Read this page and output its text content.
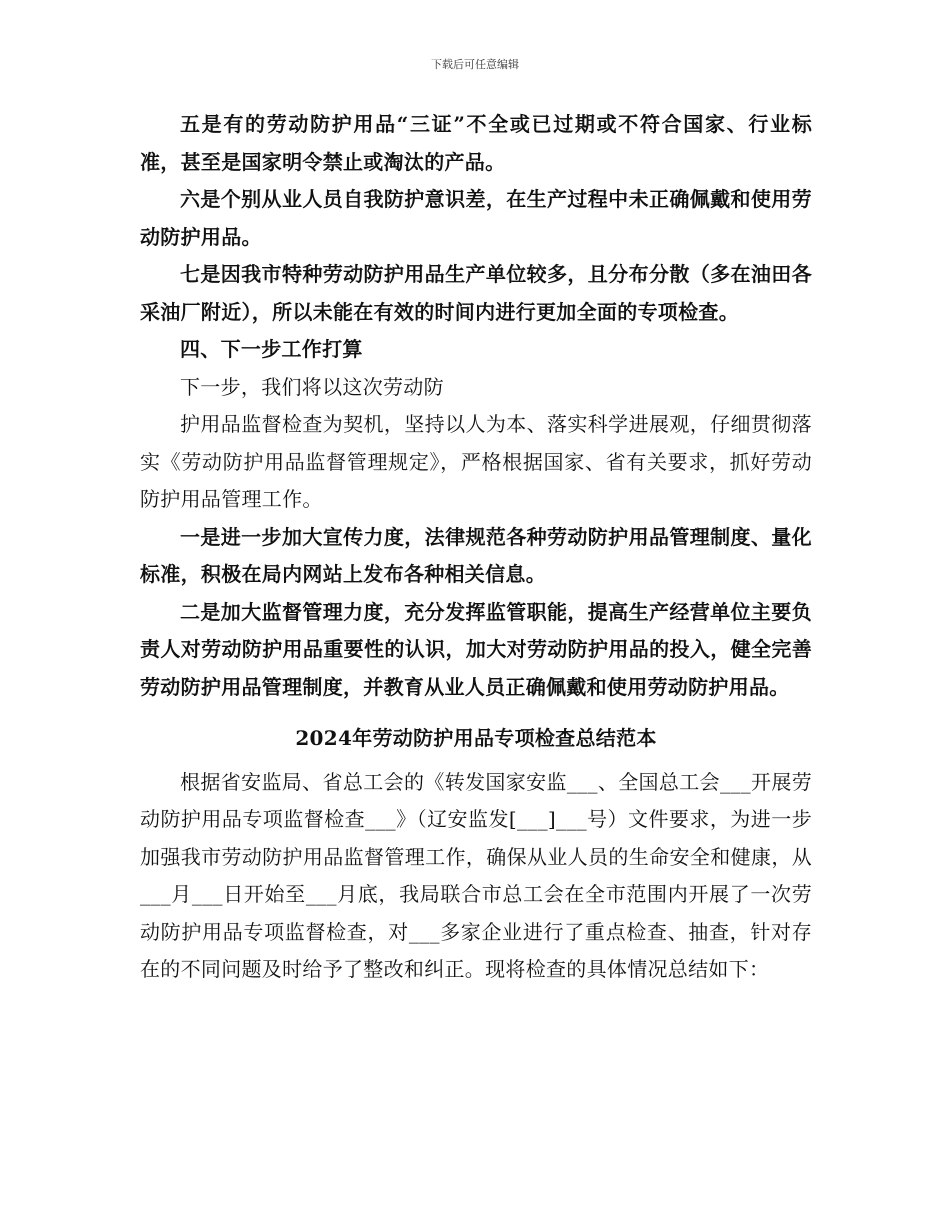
下载后可任意编辑

五是有的劳动防护用品“三证”不全或已过期或不符合国家、行业标准，甚至是国家明令禁止或淘汰的产品。

六是个别从业人员自我防护意识差，在生产过程中未正确佩戴和使用劳动防护用品。

七是因我市特种劳动防护用品生产单位较多，且分布分散（多在油田各采油厂附近），所以未能在有效的时间内进行更加全面的专项检查。

四、下一步工作打算

下一步，我们将以这次劳动防

护用品监督检查为契机，坚持以人为本、落实科学进展观，仔细贯彻落实《劳动防护用品监督管理规定》，严格根据国家、省有关要求，抓好劳动防护用品管理工作。

一是进一步加大宣传力度，法律规范各种劳动防护用品管理制度、量化标准，积极在局内网站上发布各种相关信息。

二是加大监督管理力度，充分发挥监管职能，提高生产经营单位主要负责人对劳动防护用品重要性的认识，加大对劳动防护用品的投入，健全完善劳动防护用品管理制度，并教育从业人员正确佩戴和使用劳动防护用品。

2024年劳动防护用品专项检查总结范本

根据省安监局、省总工会的《转发国家安监___、全国总工会___开展劳动防护用品专项监督检查___》（辽安监发[___]___号）文件要求，为进一步加强我市劳动防护用品监督管理工作，确保从业人员的生命安全和健康，从___月___日开始至___月底，我局联合市总工会在全市范围内开展了一次劳动防护用品专项监督检查，对___多家企业进行了重点检查、抽查，针对存在的不同问题及时给予了整改和纠正。现将检查的具体情况总结如下：
